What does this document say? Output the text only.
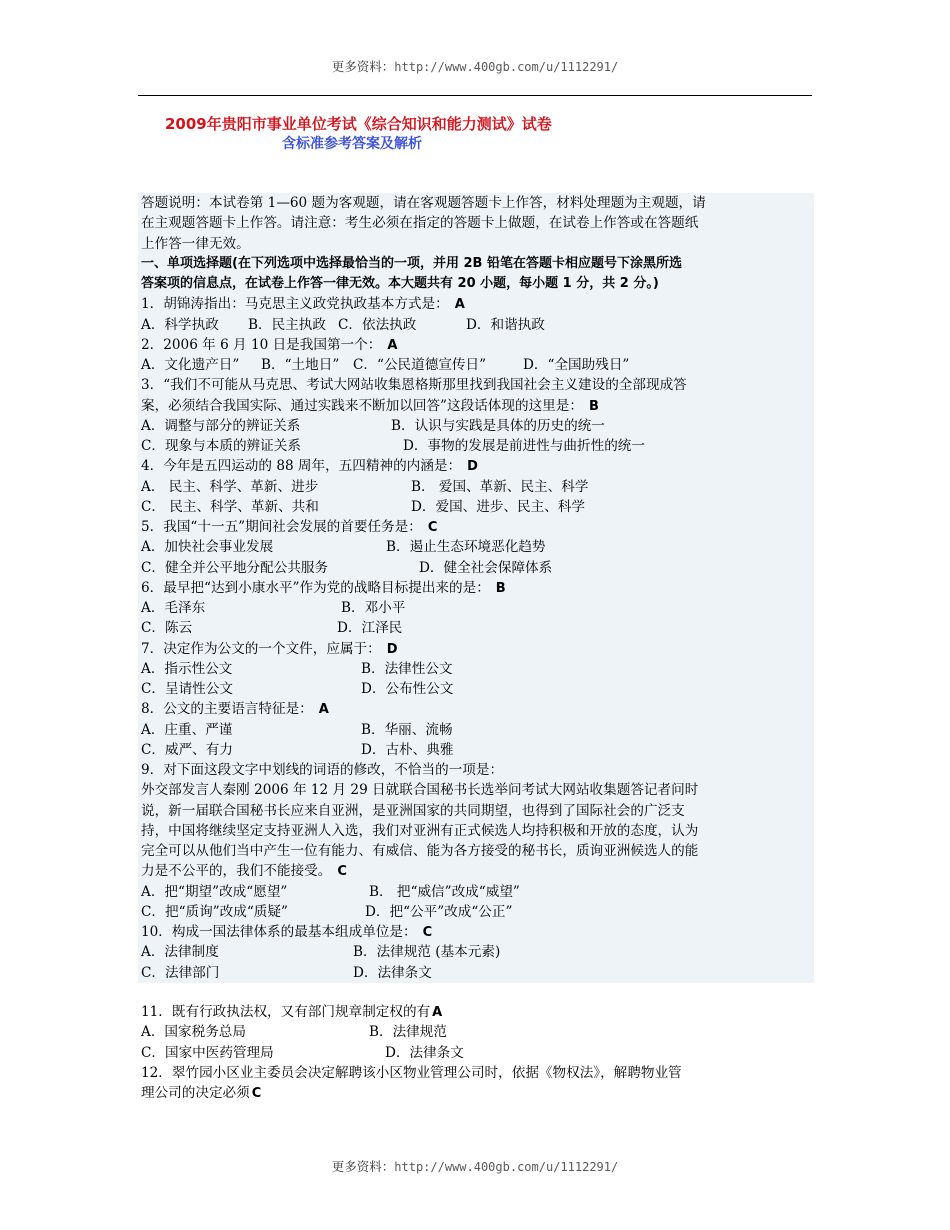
更多资料：http://www.400gb.com/u/1112291/
2009年贵阳市事业单位考试《综合知识和能力测试》试卷
含标准参考答案及解析
答题说明：本试卷第 1—60 题为客观题，请在客观题答题卡上作答，材料处理题为主观题，请
在主观题答题卡上作答。请注意：考生必须在指定的答题卡上做题，在试卷上作答或在答题纸
上作答一律无效。
一、单项选择题(在下列选项中选择最恰当的一项，并用 2B 铅笔在答题卡相应题号下涂黑所选
答案项的信息点，在试卷上作答一律无效。本大题共有 20 小题，每小题 1 分，共 2 分。)
1．胡锦涛指出：马克思主义政党执政基本方式是： A
A．科学执政 B．民主执政 C．依法执政	D．和谐执政
2．2006 年 6 月 10 日是我国第一个： A
A．文化遗产日” B．“土地日” C．“公民道德宣传日”	D．“全国助残日”
3．“我们不可能从马克思、考试大网站收集恩格斯那里找到我国社会主义建设的全部现成答
案，必须结合我国实际、通过实践来不断加以回答”这段话体现的这里是： B
A．调整与部分的辨证关系	B．认识与实践是具体的历史的统一
C．现象与本质的辨证关系	D．事物的发展是前进性与曲折性的统一
4．今年是五四运动的 88 周年，五四精神的内涵是： D
A． 民主、科学、革新、进步	B． 爱国、革新、民主、科学
C． 民主、科学、革新、共和	D．爱国、进步、民主、科学
5．我国“十一五”期间社会发展的首要任务是： C
A．加快社会事业发展	B．遏止生态环境恶化趋势
C．健全并公平地分配公共服务	D．健全社会保障体系
6．最早把“达到小康水平”作为党的战略目标提出来的是： B
A．毛泽东	B．邓小平
C．陈云	D．江泽民
7．决定作为公文的一个文件，应属于： D
A．指示性公文	B．法律性公文
C．呈请性公文	D．公布性公文
8．公文的主要语言特征是： A
A．庄重、严谨	B．华丽、流畅
C．威严、有力	D．古朴、典雅
9．对下面这段文字中划线的词语的修改，不恰当的一项是：
外交部发言人秦刚 2006 年 12 月 29 日就联合国秘书长选举问考试大网站收集题答记者问时
说，新一届联合国秘书长应来自亚洲，是亚洲国家的共同期望，也得到了国际社会的广泛支
持，中国将继续坚定支持亚洲人入选，我们对亚洲有正式候选人均持积极和开放的态度，认为
完全可以从他们当中产生一位有能力、有威信、能为各方接受的秘书长，质询亚洲候选人的能
力是不公平的，我们不能接受。 C
A．把“期望”改成“愿望”	B． 把“威信”改成“威望”
C．把“质询”改成“质疑”	D．把“公平”改成“公正”
10．构成一国法律体系的最基本组成单位是： C
A．法律制度	B．法律规范 (基本元素)
C．法律部门	D．法律条文
11．既有行政执法权，又有部门规章制定权的有 A
A．国家税务总局	B．法律规范
C．国家中医药管理局	D．法律条文
12．翠竹园小区业主委员会决定解聘该小区物业管理公司时，依据《物权法》，解聘物业管
理公司的决定必须 C
更多资料：http://www.400gb.com/u/1112291/
